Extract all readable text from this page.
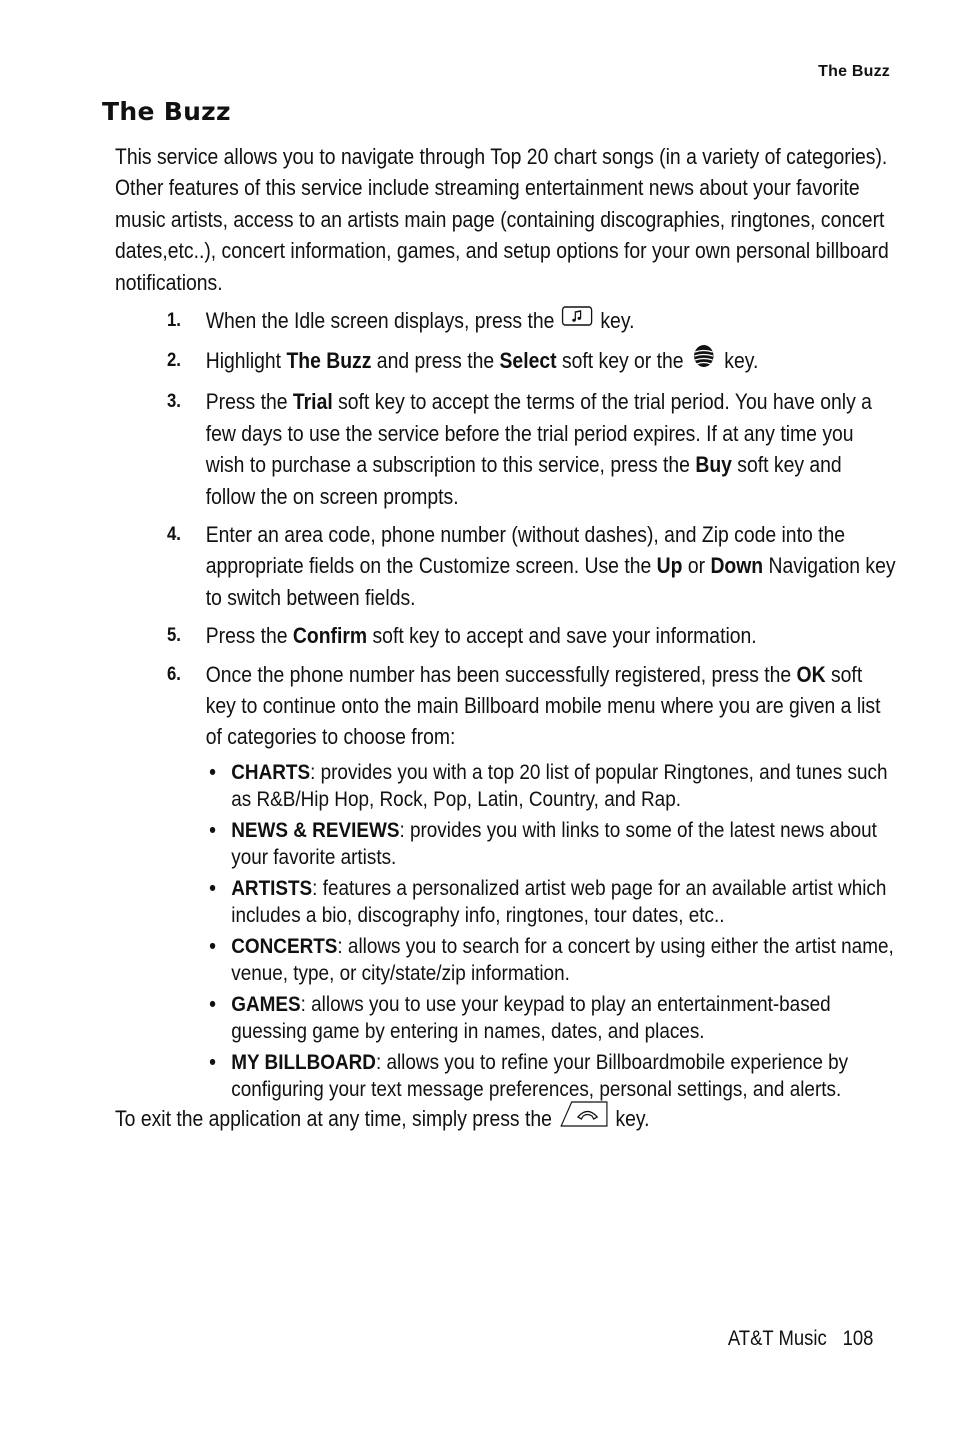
The Buzz
The Buzz

This service allows you to navigate through Top 20 chart songs (in a variety of categories). Other features of this service include streaming entertainment news about your favorite music artists, access to an artists main page (containing discographies, ringtones, concert dates,etc..), concert information, games, and setup options for your own personal billboard notifications.

1. When the Idle screen displays, press the key.
2. Highlight The Buzz and press the Select soft key or the key.
3. Press the Trial soft key to accept the terms of the trial period. You have only a few days to use the service before the trial period expires. If at any time you wish to purchase a subscription to this service, press the Buy soft key and follow the on screen prompts.
4. Enter an area code, phone number (without dashes), and Zip code into the appropriate fields on the Customize screen. Use the Up or Down Navigation key to switch between fields.
5. Press the Confirm soft key to accept and save your information.
6. Once the phone number has been successfully registered, press the OK soft key to continue onto the main Billboard mobile menu where you are given a list of categories to choose from:
• CHARTS: provides you with a top 20 list of popular Ringtones, and tunes such as R&B/Hip Hop, Rock, Pop, Latin, Country, and Rap.
• NEWS & REVIEWS: provides you with links to some of the latest news about your favorite artists.
• ARTISTS: features a personalized artist web page for an available artist which includes a bio, discography info, ringtones, tour dates, etc..
• CONCERTS: allows you to search for a concert by using either the artist name, venue, type, or city/state/zip information.
• GAMES: allows you to use your keypad to play an entertainment-based guessing game by entering in names, dates, and places.
• MY BILLBOARD: allows you to refine your Billboardmobile experience by configuring your text message preferences, personal settings, and alerts.

To exit the application at any time, simply press the	key.

AT&T Music 108
